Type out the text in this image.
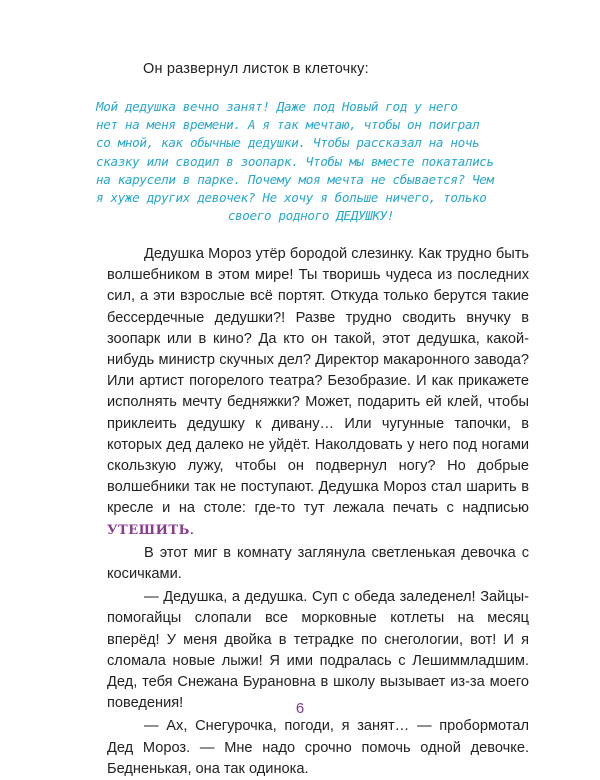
Он развернул листок в клеточку:
Мой дедушка вечно занят! Даже под Новый год у него
нет на меня времени. А я так мечтаю, чтобы он поиграл
со мной, как обычные дедушки. Чтобы рассказал на ночь
сказку или сводил в зоопарк. Чтобы мы вместе покатались
на карусели в парке. Почему моя мечта не сбывается? Чем
я хуже других девочек? Не хочу я больше ничего, только
своего родного ДЕДУШКУ!

Дедушка Мороз утёр бородой слезинку. Как трудно быть волшебником в этом мире! Ты творишь чудеса из последних сил, а эти взрослые всё портят. Откуда только берутся такие бессердечные дедушки?! Разве трудно сводить внучку в зоопарк или в кино? Да кто он такой, этот дедушка, какой-нибудь министр скучных дел? Директор макаронного завода? Или артист погорелого театра? Безобразие. И как прикажете исполнять мечту бедняжки? Может, подарить ей клей, чтобы приклеить дедушку к дивану… Или чугунные тапочки, в которых дед далеко не уйдёт. Наколдовать у него под ногами скользкую лужу, чтобы он подвернул ногу? Но добрые волшебники так не поступают. Дедушка Мороз стал шарить в кресле и на столе: где-то тут лежала печать с надписью УТЕШИТЬ.

В этот миг в комнату заглянула светленькая девочка с косичками.

— Дедушка, а дедушка. Суп с обеда заледенел! Зайцы-помогайцы слопали все морковные котлеты на месяц вперёд! У меня двойка в тетрадке по снегологии, вот! И я сломала новые лыжи! Я ими подралась с Лешиммладшим. Дед, тебя Снежана Бурановна в школу вызывает из-за моего поведения!

— Ах, Снегурочка, погоди, я занят… — пробормотал Дед Мороз. — Мне надо срочно помочь одной девочке. Бедненькая, она так одинока.

6
